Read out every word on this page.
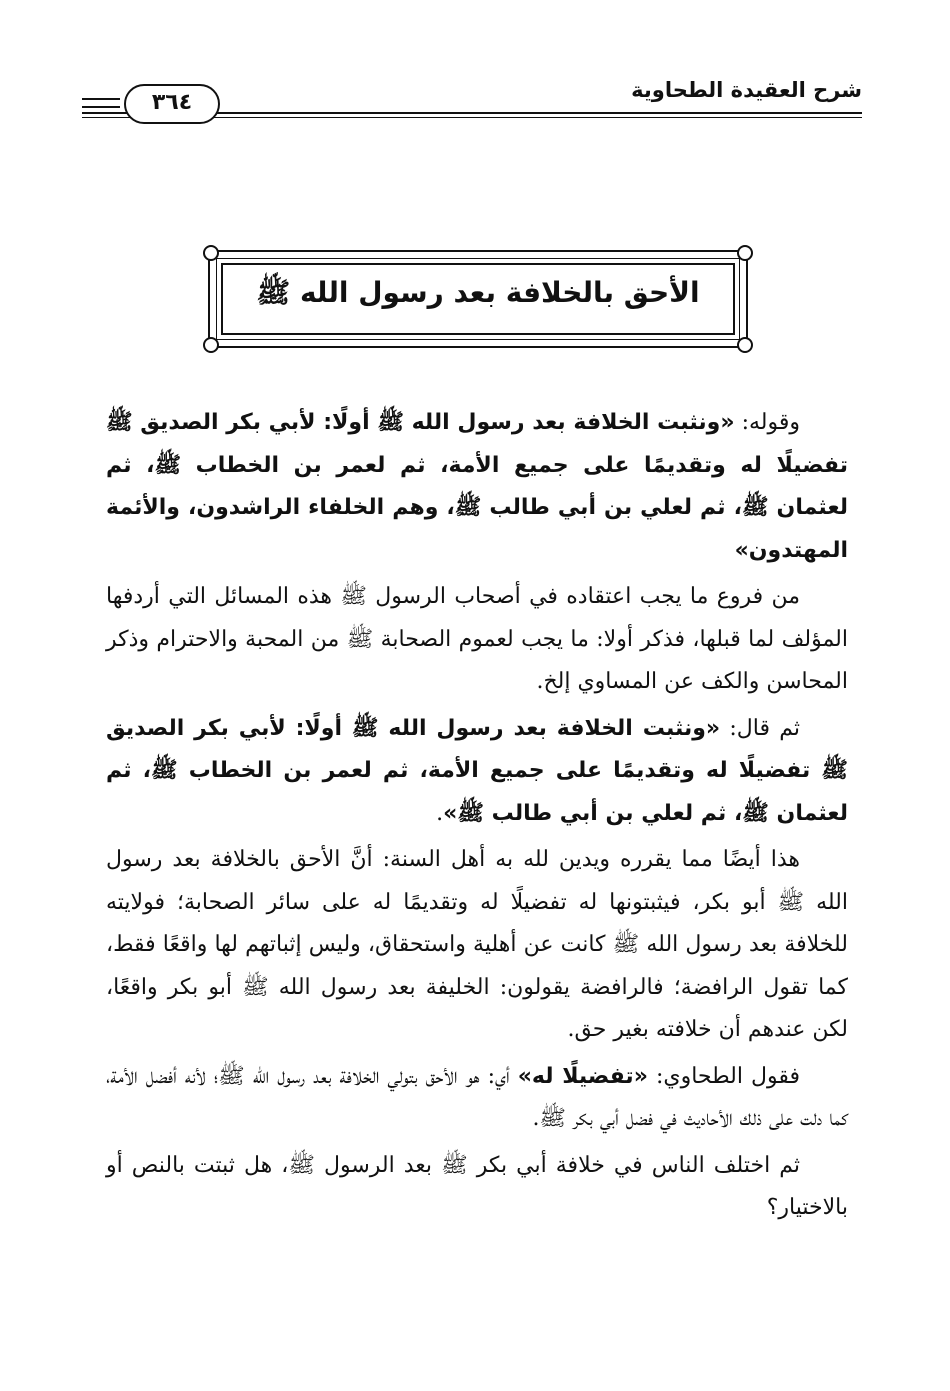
٣٦٤	شرح العقيدة الطحاوية
الأحق بالخلافة بعد رسول الله ﷺ

وقوله: «ونثبت الخلافة بعد رسول الله ﷺ أولًا: لأبي بكر الصديق ﷺ تفضيلًا له وتقديمًا على جميع الأمة، ثم لعمر بن الخطاب ﷺ، ثم لعثمان ﷺ، ثم لعلي بن أبي طالب ﷺ، وهم الخلفاء الراشدون، والأئمة المهتدون»

من فروع ما يجب اعتقاده في أصحاب الرسول ﷺ هذه المسائل التي أردفها المؤلف لما قبلها، فذكر أولا: ما يجب لعموم الصحابة ﷺ من المحبة والاحترام وذكر المحاسن والكف عن المساوي إلخ.

ثم قال: «ونثبت الخلافة بعد رسول الله ﷺ أولًا: لأبي بكر الصديق ﷺ تفضيلًا له وتقديمًا على جميع الأمة، ثم لعمر بن الخطاب ﷺ، ثم لعثمان ﷺ، ثم لعلي بن أبي طالب ﷺ».

هذا أيضًا مما يقرره ويدين لله به أهل السنة: أنَّ الأحق بالخلافة بعد رسول الله ﷺ أبو بكر، فيثبتونها له تفضيلًا له وتقديمًا له على سائر الصحابة؛ فولايته للخلافة بعد رسول الله ﷺ كانت عن أهلية واستحقاق، وليس إثباتهم لها واقعًا فقط، كما تقول الرافضة؛ فالرافضة يقولون: الخليفة بعد رسول الله ﷺ أبو بكر واقعًا، لكن عندهم أن خلافته بغير حق.

فقول الطحاوي: «تفضيلًا له» أي: هو الأحق بتولي الخلافة بعد رسول الله ﷺ؛ لأنه أفضل الأمة، كما دلت على ذلك الأحاديث في فضل أبي بكر ﷺ.

ثم اختلف الناس في خلافة أبي بكر ﷺ بعد الرسول ﷺ، هل ثبتت بالنص أو بالاختيار؟
